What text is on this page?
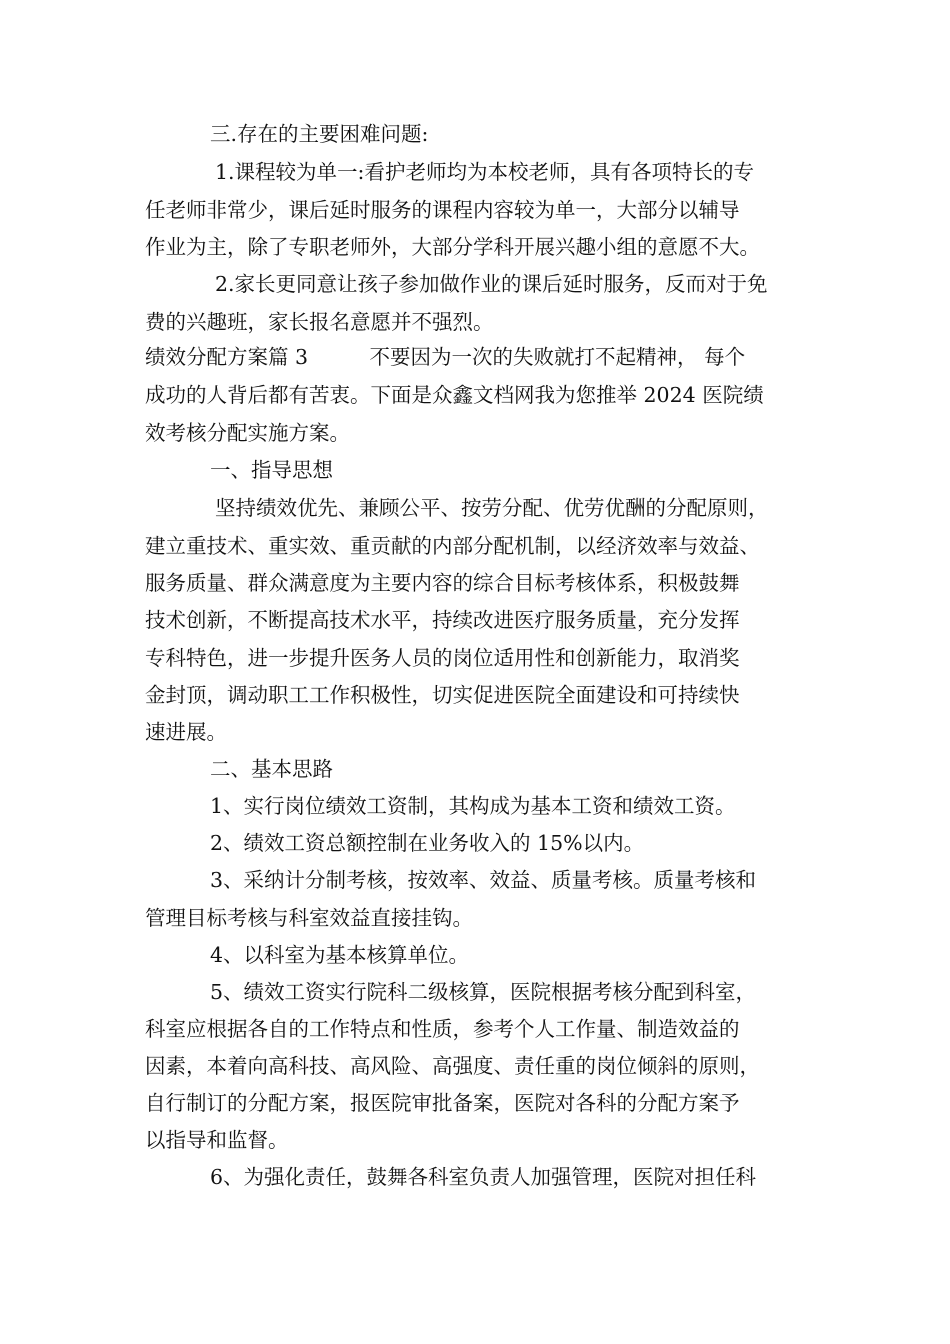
三.存在的主要困难问题:
1.课程较为单一:看护老师均为本校老师，具有各项特长的专
任老师非常少，课后延时服务的课程内容较为单一，大部分以辅导
作业为主，除了专职老师外，大部分学科开展兴趣小组的意愿不大。
2.家长更同意让孩子参加做作业的课后延时服务，反而对于免
费的兴趣班，家长报名意愿并不强烈。
绩效分配方案篇 3　　　不要因为一次的失败就打不起精神， 每个
成功的人背后都有苦衷。下面是众鑫文档网我为您推举 2024 医院绩
效考核分配实施方案。
一、指导思想
坚持绩效优先、兼顾公平、按劳分配、优劳优酬的分配原则，
建立重技术、重实效、重贡献的内部分配机制，以经济效率与效益、
服务质量、群众满意度为主要内容的综合目标考核体系，积极鼓舞
技术创新，不断提高技术水平，持续改进医疗服务质量，充分发挥
专科特色，进一步提升医务人员的岗位适用性和创新能力，取消奖
金封顶，调动职工工作积极性，切实促进医院全面建设和可持续快
速进展。
二、基本思路
1、实行岗位绩效工资制，其构成为基本工资和绩效工资。
2、绩效工资总额控制在业务收入的 15%以内。
3、采纳计分制考核，按效率、效益、质量考核。质量考核和
管理目标考核与科室效益直接挂钩。
4、以科室为基本核算单位。
5、绩效工资实行院科二级核算，医院根据考核分配到科室，
科室应根据各自的工作特点和性质，参考个人工作量、制造效益的
因素，本着向高科技、高风险、高强度、责任重的岗位倾斜的原则，
自行制订的分配方案，报医院审批备案，医院对各科的分配方案予
以指导和监督。
6、为强化责任，鼓舞各科室负责人加强管理，医院对担任科
